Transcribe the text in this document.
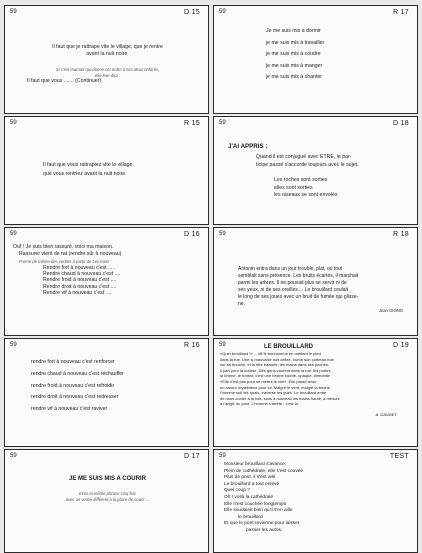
59	D 15

Il faut que je rattrape vite le village, que je rentre

avant la nuit noire.

Si c'est maman qui donne cet ordre à ses deux enfants,

elle leur dira :

Il faut que vous ....... (Continuer)

59	R 17

Je me suis mis à dormir

je me suis mis à travailler

je me suis mis à coudre

je me suis mis à manger

je me suis mis à chanter

59	R 15

Il faut que vous rattrapiez vite le village,

que vous rentriez avant la nuit noire.

59	D 18

J'AI APPRIS :

Quand il est conjugué avec ETRE, le par-

ticipe passé s'accorde toujours avec le sujet.

Les roches sont sorties

elles sont sorties

les oiseaux se sont envolés

59	D 16

Ouf ! Je suis bien rassuré, voici ma maison.

Rassurer vient de rat (rendre sûr à nouveau)

Forme de même des verbes à partir de ces mots :

Rendre fort à nouveau c'est ....

Rendre chaud à nouveau c'est ....

Rendre froid à nouveau c'est ....

Rendre droit à nouveau c'est ....

Rendre vif à nouveau c'est ....

59	R 18

Antonin entra dans un jour trouble, plat, où tout

semblait sans présence. Les bruits écartés, il marchait

parmi les arbres. Il ne pouvait plus se servir ni de

ses yeux, ni de ses oreilles ... Le brouillard coulait

le long de ses joues avec un bruit de fumée qui glisse-

ne.

Jean GIONO

59	R 16

rendre fort à nouveau c'est renforcer

rendre chaud à nouveau c'est réchauffer

rendre froid à nouveau c'est refroidir

rendre droit à nouveau c'est redresser

rendre vif à nouveau c'est raviver

59	D 19

LE BROUILLARD

«Quel brouillard !» ... dit le bonhomme en mettant le pied

dans la rue. Une si mauvaise nuit cellee, hume son corbeau noir

sur sa bouche, et la tête baissée, les mains dans ses poches,

il part pour la bourse. Des gens courent dans la rue, les portes,

la brume, le trottoir, c'est une brume lourde, opaque, immobile

«Elle n'est pas pour se mettre le ciel». Elle paraît avoir

un amour mystérieux pour lui. Malgré le vent, malgré la bruine,

l'homme suit les quais, traverse les gués. Le brouillard entre

de nous contre à la fois, sous à nouveau les mains haute, à mesure

à l'angle du pont. L'homme s'arrête ; c'est la.

A. DAUDET

59	D 17

JE ME SUIS MIS A COURIR

Ecris la même phrase cinq fois

avec un verbe différent à la place de courir ...

59	TEST

Monsieur brouillard s'avance,

Plein de cathédrale, elle s'est couvée

Plus de pont, il s'est ailé

Le brouillard a tout enlevé

Quel coup ?

Oh ! voilà la cathédrale

Elle n'est couchée longtemps

Elle soudainit bien qu'il s'en aille

le brouillard

Et que le pont revienne pour laisser

passer les autos.
